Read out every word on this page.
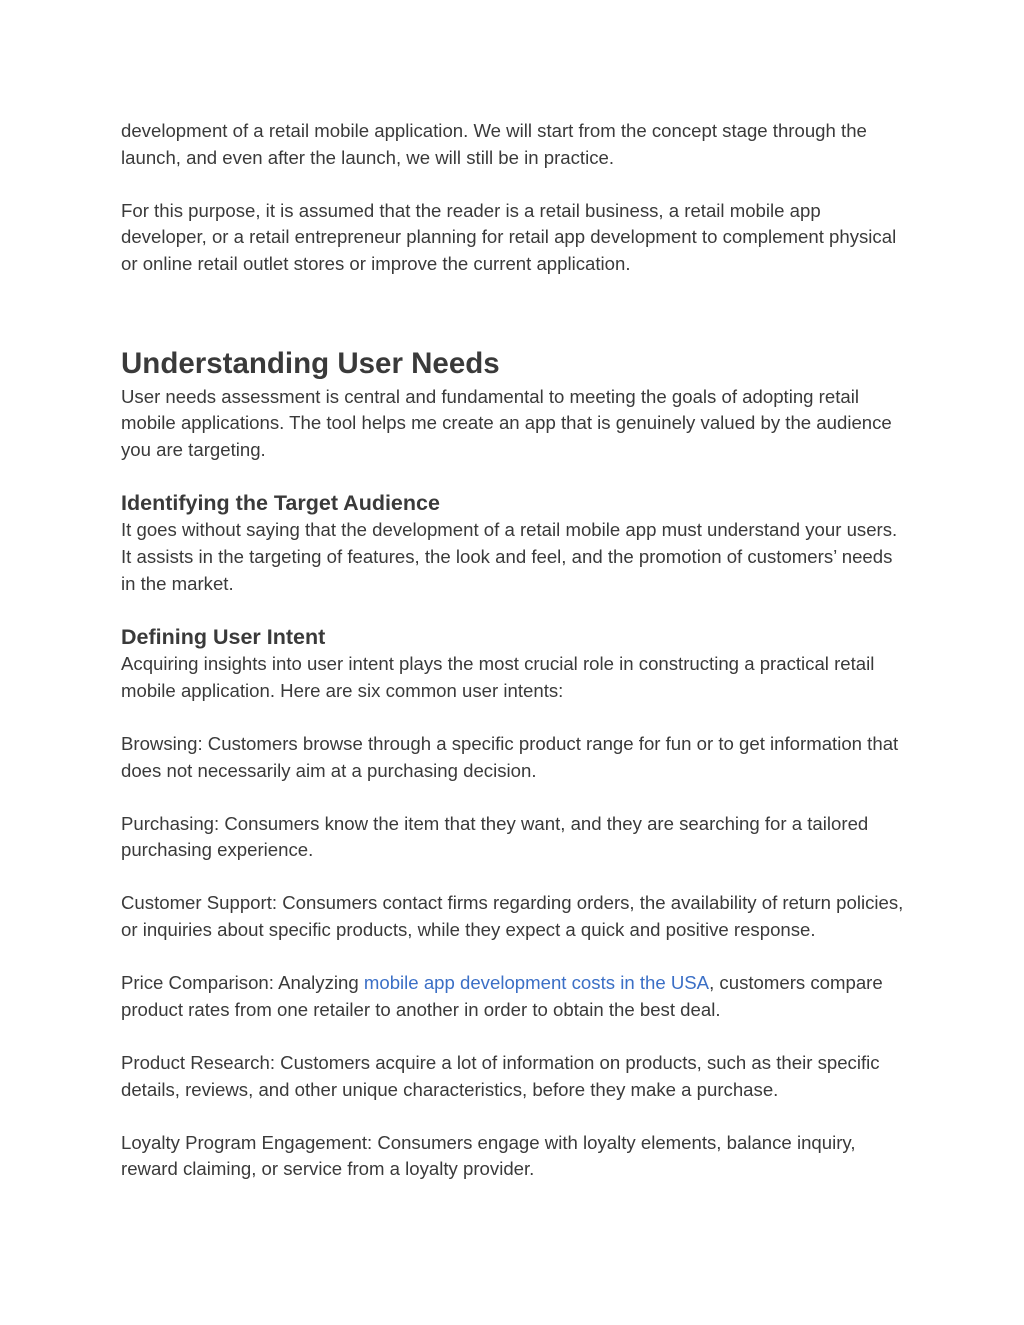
development of a retail mobile application. We will start from the concept stage through the launch, and even after the launch, we will still be in practice.

For this purpose, it is assumed that the reader is a retail business, a retail mobile app developer, or a retail entrepreneur planning for retail app development to complement physical or online retail outlet stores or improve the current application.

Understanding User Needs

User needs assessment is central and fundamental to meeting the goals of adopting retail mobile applications. The tool helps me create an app that is genuinely valued by the audience you are targeting.

Identifying the Target Audience

It goes without saying that the development of a retail mobile app must understand your users. It assists in the targeting of features, the look and feel, and the promotion of customers’ needs in the market.

Defining User Intent

Acquiring insights into user intent plays the most crucial role in constructing a practical retail mobile application. Here are six common user intents:

Browsing: Customers browse through a specific product range for fun or to get information that does not necessarily aim at a purchasing decision.

Purchasing: Consumers know the item that they want, and they are searching for a tailored purchasing experience.

Customer Support: Consumers contact firms regarding orders, the availability of return policies, or inquiries about specific products, while they expect a quick and positive response.

Price Comparison: Analyzing mobile app development costs in the USA, customers compare product rates from one retailer to another in order to obtain the best deal.

Product Research: Customers acquire a lot of information on products, such as their specific details, reviews, and other unique characteristics, before they make a purchase.

Loyalty Program Engagement: Consumers engage with loyalty elements, balance inquiry, reward claiming, or service from a loyalty provider.
